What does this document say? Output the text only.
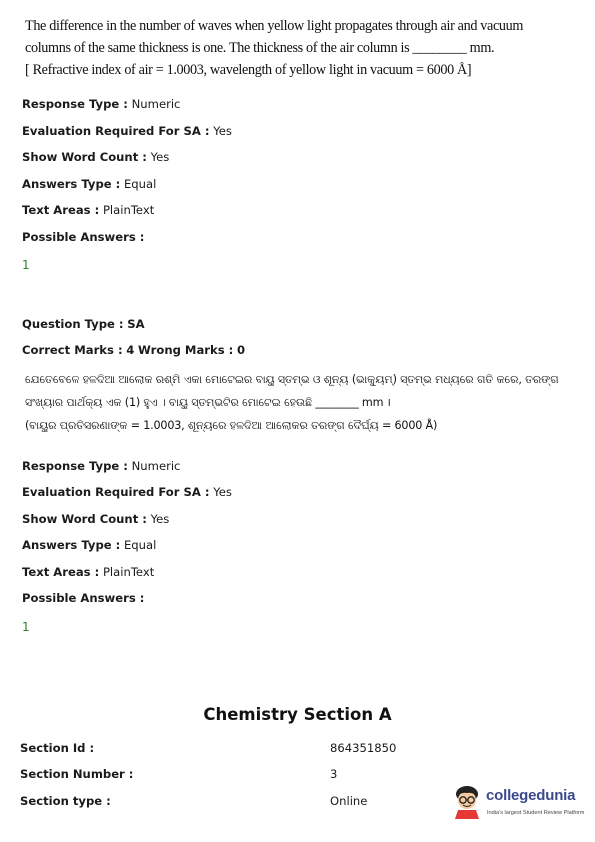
The difference in the number of waves when yellow light propagates through air and vacuum
columns of the same thickness is one. The thickness of the air column is ________ mm.
[ Refractive index of air = 1.0003, wavelength of yellow light in vacuum = 6000 Å]
Response Type : Numeric
Evaluation Required For SA : Yes
Show Word Count : Yes
Answers Type : Equal
Text Areas : PlainText
Possible Answers :
1
Question Type : SA
Correct Marks : 4 Wrong Marks : 0
ଯେତେବେଳେ ହଳଦିଆ ଆଲୋକ ରଶ୍ମି ଏକା ମୋଟେଇର ବାୟୁ ସ୍ତମ୍ଭ ଓ ଶୂନ୍ୟ (ଭାକ୍ୟୁମ୍) ସ୍ତମ୍ଭ ମଧ୍ୟରେ ଗତି କରେ, ତରଙ୍ଗ
ସଂଖ୍ୟାର ପାର୍ଥକ୍ୟ ଏକ (1) ହୁଏ । ବାୟୁ ସ୍ତମ୍ଭଟିର ମୋଟେଇ ହେଉଛି ________ mm ।
(ବାୟୁର ପ୍ରତିସରଣାଙ୍କ = 1.0003, ଶୂନ୍ୟରେ ହଳଦିଆ ଆଲୋକର ତରଙ୍ଗ ଦୈର୍ଘ୍ୟ = 6000 Å)
Response Type : Numeric
Evaluation Required For SA : Yes
Show Word Count : Yes
Answers Type : Equal
Text Areas : PlainText
Possible Answers :
1
Chemistry Section A
Section Id :	864351850
Section Number :	3
Section type :	Online	collegedunia
India's largest Student Review Platform
